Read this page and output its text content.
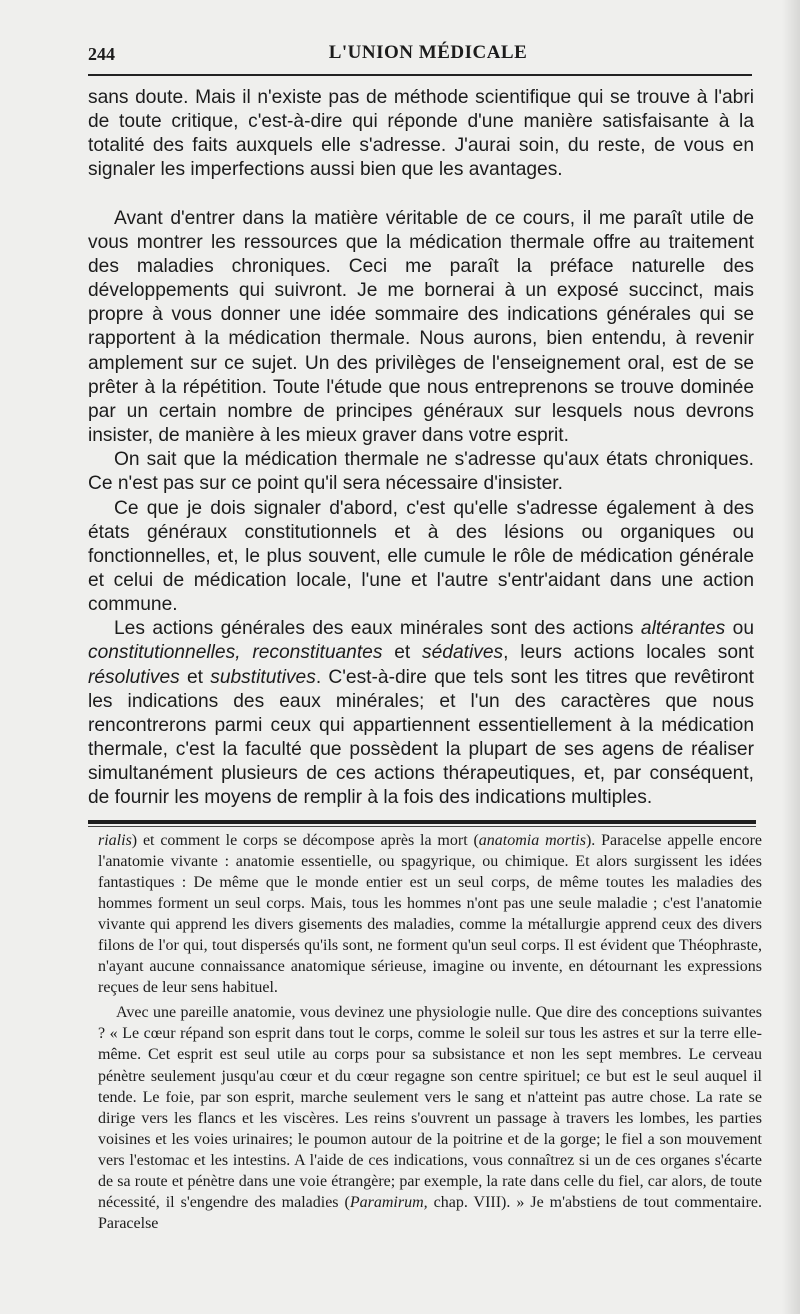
244	L'UNION MÉDICALE

sans doute. Mais il n'existe pas de méthode scientifique qui se trouve à l'abri de toute critique, c'est-à-dire qui réponde d'une manière satisfaisante à la totalité des faits auxquels elle s'adresse. J'aurai soin, du reste, de vous en signaler les imperfections aussi bien que les avantages.

Avant d'entrer dans la matière véritable de ce cours, il me paraît utile de vous montrer les ressources que la médication thermale offre au traitement des maladies chroniques. Ceci me paraît la préface naturelle des développements qui suivront. Je me bornerai à un exposé succinct, mais propre à vous donner une idée sommaire des indications générales qui se rapportent à la médication thermale. Nous aurons, bien entendu, à revenir amplement sur ce sujet. Un des privilèges de l'enseignement oral, est de se prêter à la répétition. Toute l'étude que nous entreprenons se trouve dominée par un certain nombre de principes généraux sur lesquels nous devrons insister, de manière à les mieux graver dans votre esprit.

On sait que la médication thermale ne s'adresse qu'aux états chroniques. Ce n'est pas sur ce point qu'il sera nécessaire d'insister.

Ce que je dois signaler d'abord, c'est qu'elle s'adresse également à des états généraux constitutionnels et à des lésions ou organiques ou fonctionnelles, et, le plus souvent, elle cumule le rôle de médication générale et celui de médication locale, l'une et l'autre s'entr'aidant dans une action commune.

Les actions générales des eaux minérales sont des actions altérantes ou constitutionnelles, reconstituantes et sédatives, leurs actions locales sont résolutives et substitutives. C'est-à-dire que tels sont les titres que revêtiront les indications des eaux minérales; et l'un des caractères que nous rencontrerons parmi ceux qui appartiennent essentiellement à la médication thermale, c'est la faculté que possèdent la plupart de ses agens de réaliser simultanément plusieurs de ces actions thérapeutiques, et, par conséquent, de fournir les moyens de remplir à la fois des indications multiples.

rialis) et comment le corps se décompose après la mort (anatomia mortis). Paracelse appelle encore l'anatomie vivante : anatomie essentielle, ou spagyrique, ou chimique. Et alors surgissent les idées fantastiques : De même que le monde entier est un seul corps, de même toutes les maladies des hommes forment un seul corps. Mais, tous les hommes n'ont pas une seule maladie ; c'est l'anatomie vivante qui apprend les divers gisements des maladies, comme la métallurgie apprend ceux des divers filons de l'or qui, tout dispersés qu'ils sont, ne forment qu'un seul corps. Il est évident que Théophraste, n'ayant aucune connaissance anatomique sérieuse, imagine ou invente, en détournant les expressions reçues de leur sens habituel.

Avec une pareille anatomie, vous devinez une physiologie nulle. Que dire des conceptions suivantes ? « Le cœur répand son esprit dans tout le corps, comme le soleil sur tous les astres et sur la terre elle-même. Cet esprit est seul utile au corps pour sa subsistance et non les sept membres. Le cerveau pénètre seulement jusqu'au cœur et du cœur regagne son centre spirituel; ce but est le seul auquel il tende. Le foie, par son esprit, marche seulement vers le sang et n'atteint pas autre chose. La rate se dirige vers les flancs et les viscères. Les reins s'ouvrent un passage à travers les lombes, les parties voisines et les voies urinaires; le poumon autour de la poitrine et de la gorge; le fiel a son mouvement vers l'estomac et les intestins. A l'aide de ces indications, vous connaîtrez si un de ces organes s'écarte de sa route et pénètre dans une voie étrangère; par exemple, la rate dans celle du fiel, car alors, de toute nécessité, il s'engendre des maladies (Paramirum, chap. VIII). » Je m'abstiens de tout commentaire. Paracelse
